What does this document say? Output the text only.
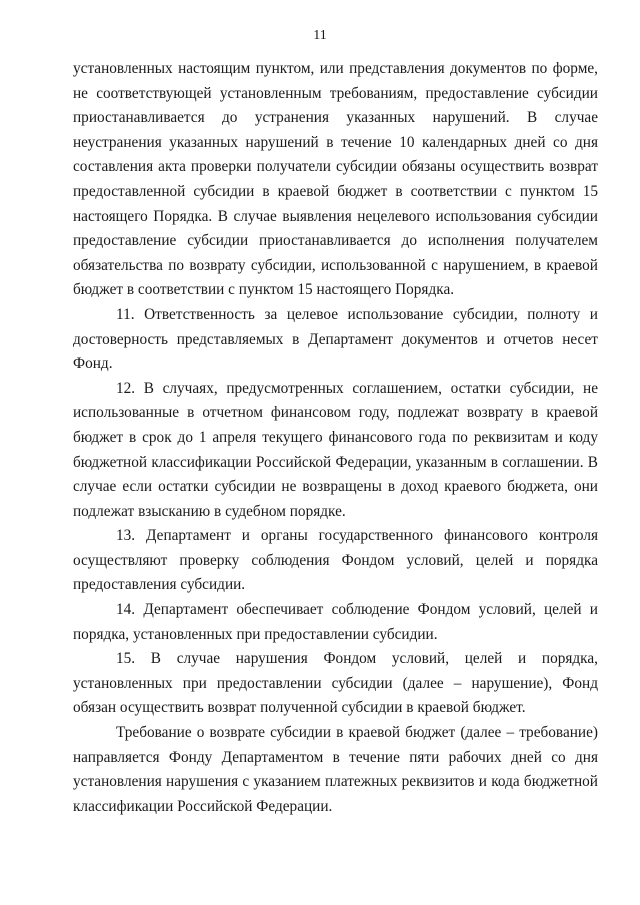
11

установленных настоящим пунктом, или представления документов по форме, не соответствующей установленным требованиям, предоставление субсидии приостанавливается до устранения указанных нарушений. В случае неустранения указанных нарушений в течение 10 календарных дней со дня составления акта проверки получатели субсидии обязаны осуществить возврат предоставленной субсидии в краевой бюджет в соответствии с пунктом 15 настоящего Порядка. В случае выявления нецелевого использования субсидии предоставление субсидии приостанавливается до исполнения получателем обязательства по возврату субсидии, использованной с нарушением, в краевой бюджет в соответствии с пунктом 15 настоящего Порядка.

11. Ответственность за целевое использование субсидии, полноту и достоверность представляемых в Департамент документов и отчетов несет Фонд.

12. В случаях, предусмотренных соглашением, остатки субсидии, не использованные в отчетном финансовом году, подлежат возврату в краевой бюджет в срок до 1 апреля текущего финансового года по реквизитам и коду бюджетной классификации Российской Федерации, указанным в соглашении. В случае если остатки субсидии не возвращены в доход краевого бюджета, они подлежат взысканию в судебном порядке.

13. Департамент и органы государственного финансового контроля осуществляют проверку соблюдения Фондом условий, целей и порядка предоставления субсидии.

14. Департамент обеспечивает соблюдение Фондом условий, целей и порядка, установленных при предоставлении субсидии.

15. В случае нарушения Фондом условий, целей и порядка, установленных при предоставлении субсидии (далее – нарушение), Фонд обязан осуществить возврат полученной субсидии в краевой бюджет.

Требование о возврате субсидии в краевой бюджет (далее – требование) направляется Фонду Департаментом в течение пяти рабочих дней со дня установления нарушения с указанием платежных реквизитов и кода бюджетной классификации Российской Федерации.
